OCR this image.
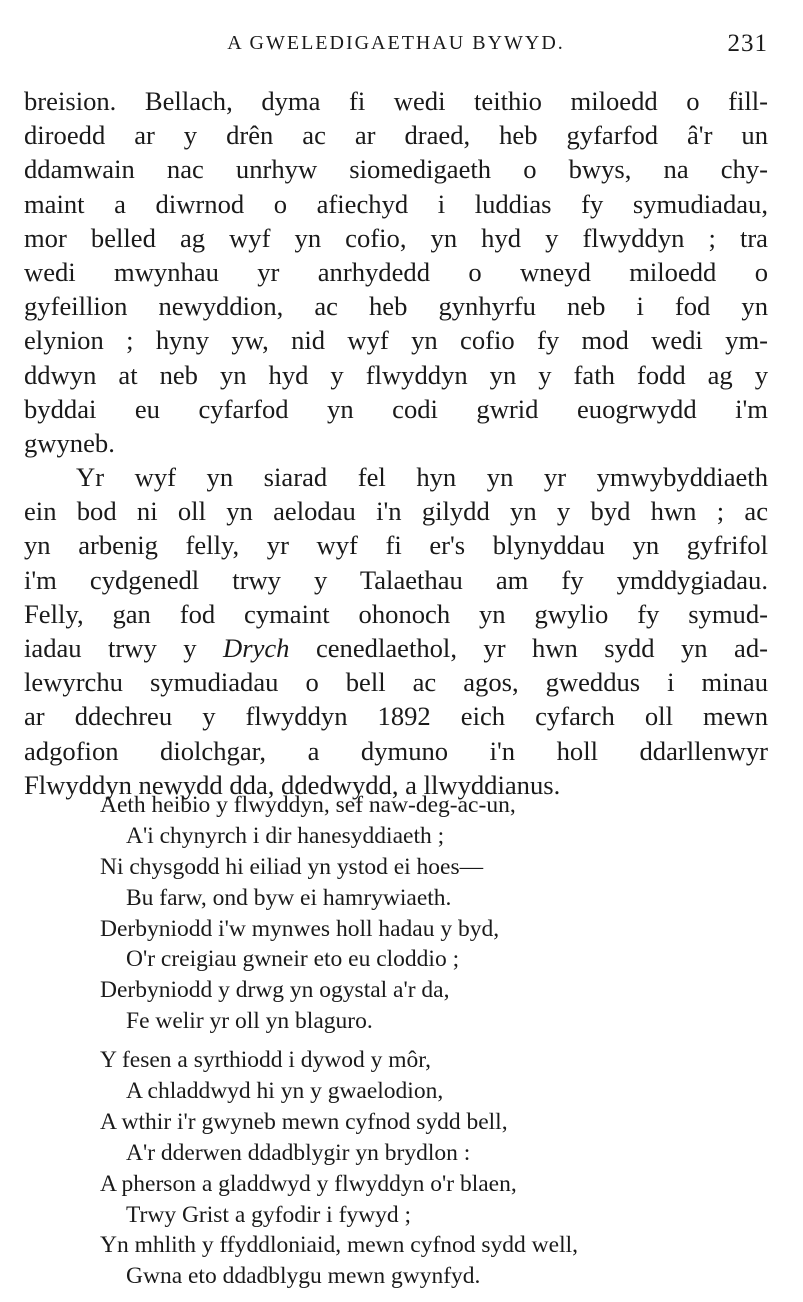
A GWELEDIGAETHAU BYWYD.	231
breision. Bellach, dyma fi wedi teithio miloedd o fill-
diroedd ar y drên ac ar draed, heb gyfarfod â'r un
ddamwain nac unrhyw siomedigaeth o bwys, na chy-
maint a diwrnod o afiechyd i luddias fy symudiadau,
mor belled ag wyf yn cofio, yn hyd y flwyddyn ; tra
wedi mwynhau yr anrhydedd o wneyd miloedd o
gyfeillion newyddion, ac heb gynhyrfu neb i fod yn
elynion ; hyny yw, nid wyf yn cofio fy mod wedi ym-
ddwyn at neb yn hyd y flwyddyn yn y fath fodd ag y
byddai eu cyfarfod yn codi gwrid euogrwydd i'm
gwyneb.
Yr wyf yn siarad fel hyn yn yr ymwybyddiaeth
ein bod ni oll yn aelodau i'n gilydd yn y byd hwn ; ac
yn arbenig felly, yr wyf fi er's blynyddau yn gyfrifol
i'm cydgenedl trwy y Talaethau am fy ymddygiadau.
Felly, gan fod cymaint ohonoch yn gwylio fy symud-
iadau trwy y Drych cenedlaethol, yr hwn sydd yn ad-
lewyrchu symudiadau o bell ac agos, gweddus i minau
ar ddechreu y flwyddyn 1892 eich cyfarch oll mewn
adgofion diolchgar, a dymuno i'n holl ddarllenwyr
Flwyddyn newydd dda, ddedwydd, a llwyddianus.
Aeth heibio y flwyddyn, sef naw-deg-ac-un,
A'i chynyrch i dir hanesyddiaeth ;
Ni chysgodd hi eiliad yn ystod ei hoes—
Bu farw, ond byw ei hamrywiaeth.
Derbyniodd i'w mynwes holl hadau y byd,
O'r creigiau gwneir eto eu cloddio ;
Derbyniodd y drwg yn ogystal a'r da,
Fe welir yr oll yn blaguro.
Y fesen a syrthiodd i dywod y môr,
A chladdwyd hi yn y gwaelodion,
A wthir i'r gwyneb mewn cyfnod sydd bell,
A'r dderwen ddadblygir yn brydlon :
A pherson a gladdwyd y flwyddyn o'r blaen,
Trwy Grist a gyfodir i fywyd ;
Yn mhlith y ffyddloniaid, mewn cyfnod sydd well,
Gwna eto ddadblygu mewn gwynfyd.
